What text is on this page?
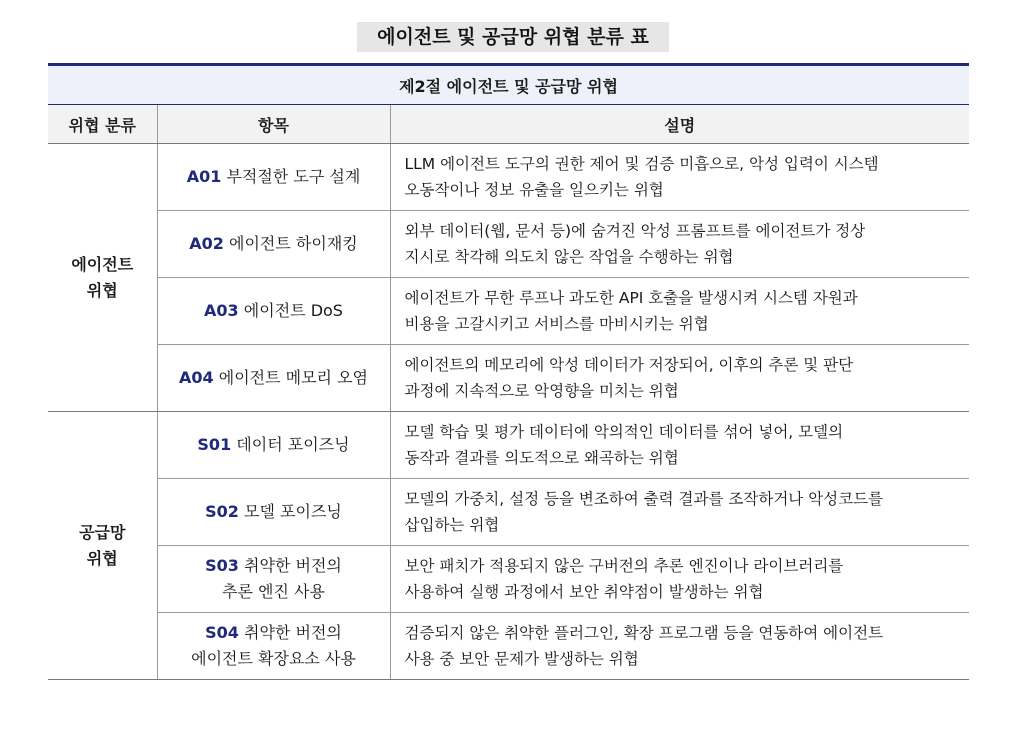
에이전트 및 공급망 위협 분류 표
제2절 에이전트 및 공급망 위협		
위협 분류	항목	설명
에이전트
위협	A01 부적절한 도구 설계	LLM 에이전트 도구의 권한 제어 및 검증 미흡으로, 악성 입력이 시스템
오동작이나 정보 유출을 일으키는 위협
	A02 에이전트 하이재킹	외부 데이터(웹, 문서 등)에 숨겨진 악성 프롬프트를 에이전트가 정상
지시로 착각해 의도치 않은 작업을 수행하는 위협
	A03 에이전트 DoS	에이전트가 무한 루프나 과도한 API 호출을 발생시켜 시스템 자원과
비용을 고갈시키고 서비스를 마비시키는 위협
	A04 에이전트 메모리 오염	에이전트의 메모리에 악성 데이터가 저장되어, 이후의 추론 및 판단
과정에 지속적으로 악영향을 미치는 위협
공급망
위협	S01 데이터 포이즈닝	모델 학습 및 평가 데이터에 악의적인 데이터를 섞어 넣어, 모델의
동작과 결과를 의도적으로 왜곡하는 위협
	S02 모델 포이즈닝	모델의 가중치, 설정 등을 변조하여 출력 결과를 조작하거나 악성코드를
삽입하는 위협
	S03 취약한 버전의
추론 엔진 사용	보안 패치가 적용되지 않은 구버전의 추론 엔진이나 라이브러리를
사용하여 실행 과정에서 보안 취약점이 발생하는 위협
	S04 취약한 버전의
에이전트 확장요소 사용	검증되지 않은 취약한 플러그인, 확장 프로그램 등을 연동하여 에이전트
사용 중 보안 문제가 발생하는 위협
